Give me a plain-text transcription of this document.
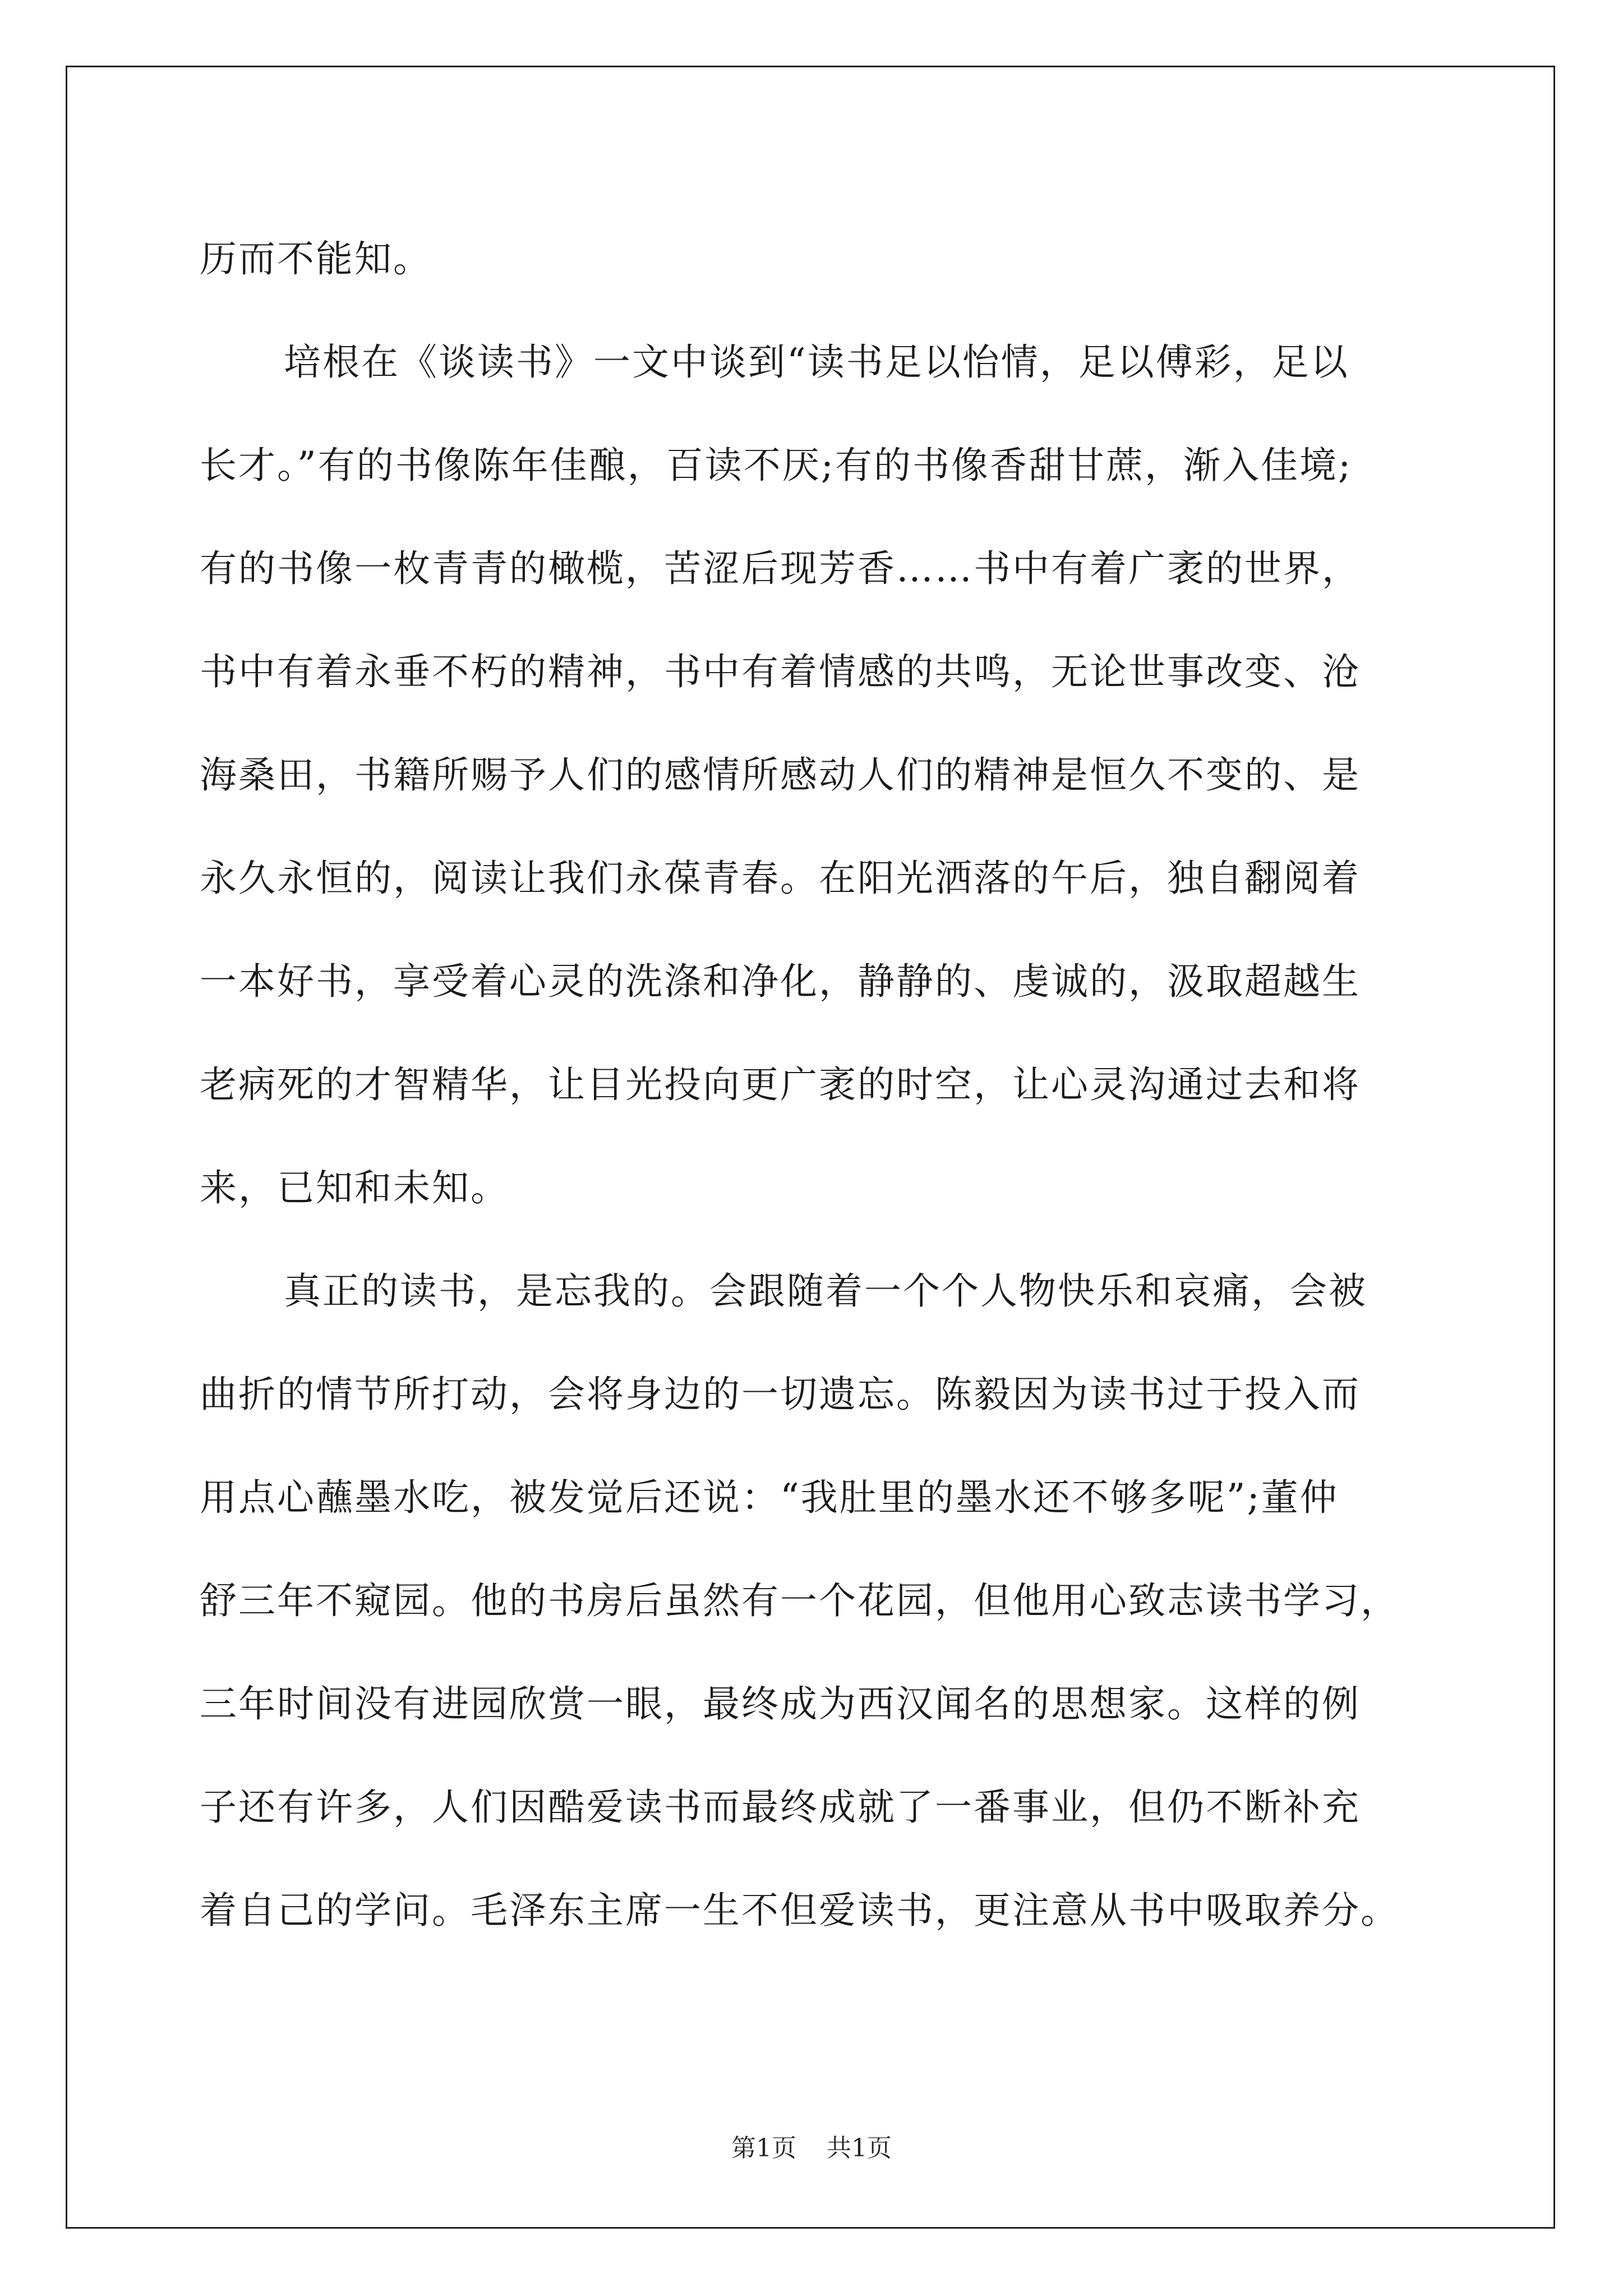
历而不能知。
培根在《谈读书》一文中谈到“读书足以怡情，足以傅彩，足以
长才。”有的书像陈年佳酿，百读不厌;有的书像香甜甘蔗，渐入佳境;
有的书像一枚青青的橄榄，苦涩后现芳香……书中有着广袤的世界，
书中有着永垂不朽的精神，书中有着情感的共鸣，无论世事改变、沧
海桑田，书籍所赐予人们的感情所感动人们的精神是恒久不变的、是
永久永恒的，阅读让我们永葆青春。在阳光洒落的午后，独自翻阅着
一本好书，享受着心灵的洗涤和净化，静静的、虔诚的，汲取超越生
老病死的才智精华，让目光投向更广袤的时空，让心灵沟通过去和将
来，已知和未知。
真正的读书，是忘我的。会跟随着一个个人物快乐和哀痛，会被
曲折的情节所打动，会将身边的一切遗忘。陈毅因为读书过于投入而
用点心蘸墨水吃，被发觉后还说：“我肚里的墨水还不够多呢”;董仲
舒三年不窥园。他的书房后虽然有一个花园，但他用心致志读书学习，
三年时间没有进园欣赏一眼，最终成为西汉闻名的思想家。这样的例
子还有许多，人们因酷爱读书而最终成就了一番事业，但仍不断补充
着自己的学问。毛泽东主席一生不但爱读书，更注意从书中吸取养分。
第1页 共1页
